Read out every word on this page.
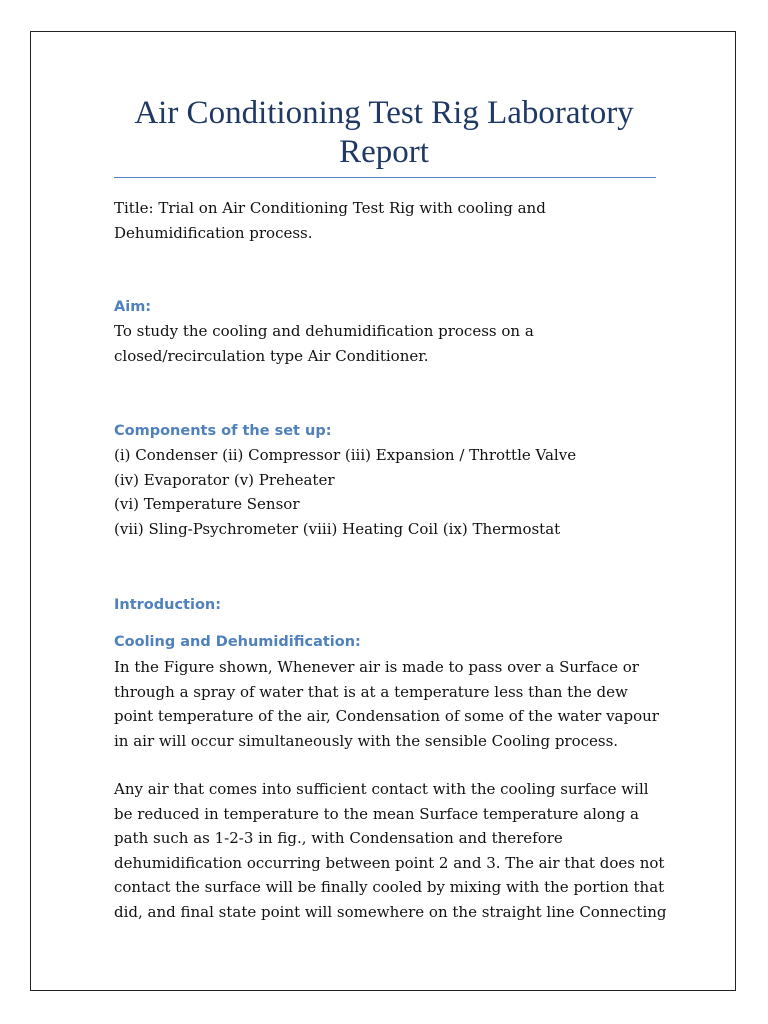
Air Conditioning Test Rig Laboratory Report

Title: Trial on Air Conditioning Test Rig with cooling and
Dehumidification process.

Aim:

To study the cooling and dehumidification process on a
closed/recirculation type Air Conditioner.

Components of the set up:

(i) Condenser (ii) Compressor (iii) Expansion / Throttle Valve
(iv) Evaporator (v) Preheater
(vi) Temperature Sensor
(vii) Sling-Psychrometer (viii) Heating Coil (ix) Thermostat

Introduction:
Cooling and Dehumidification:

In the Figure shown, Whenever air is made to pass over a Surface or
through a spray of water that is at a temperature less than the dew
point temperature of the air, Condensation of some of the water vapour
in air will occur simultaneously with the sensible Cooling process.

Any air that comes into sufficient contact with the cooling surface will
be reduced in temperature to the mean Surface temperature along a
path such as 1-2-3 in fig., with Condensation and therefore
dehumidification occurring between point 2 and 3. The air that does not
contact the surface will be finally cooled by mixing with the portion that
did, and final state point will somewhere on the straight line Connecting
